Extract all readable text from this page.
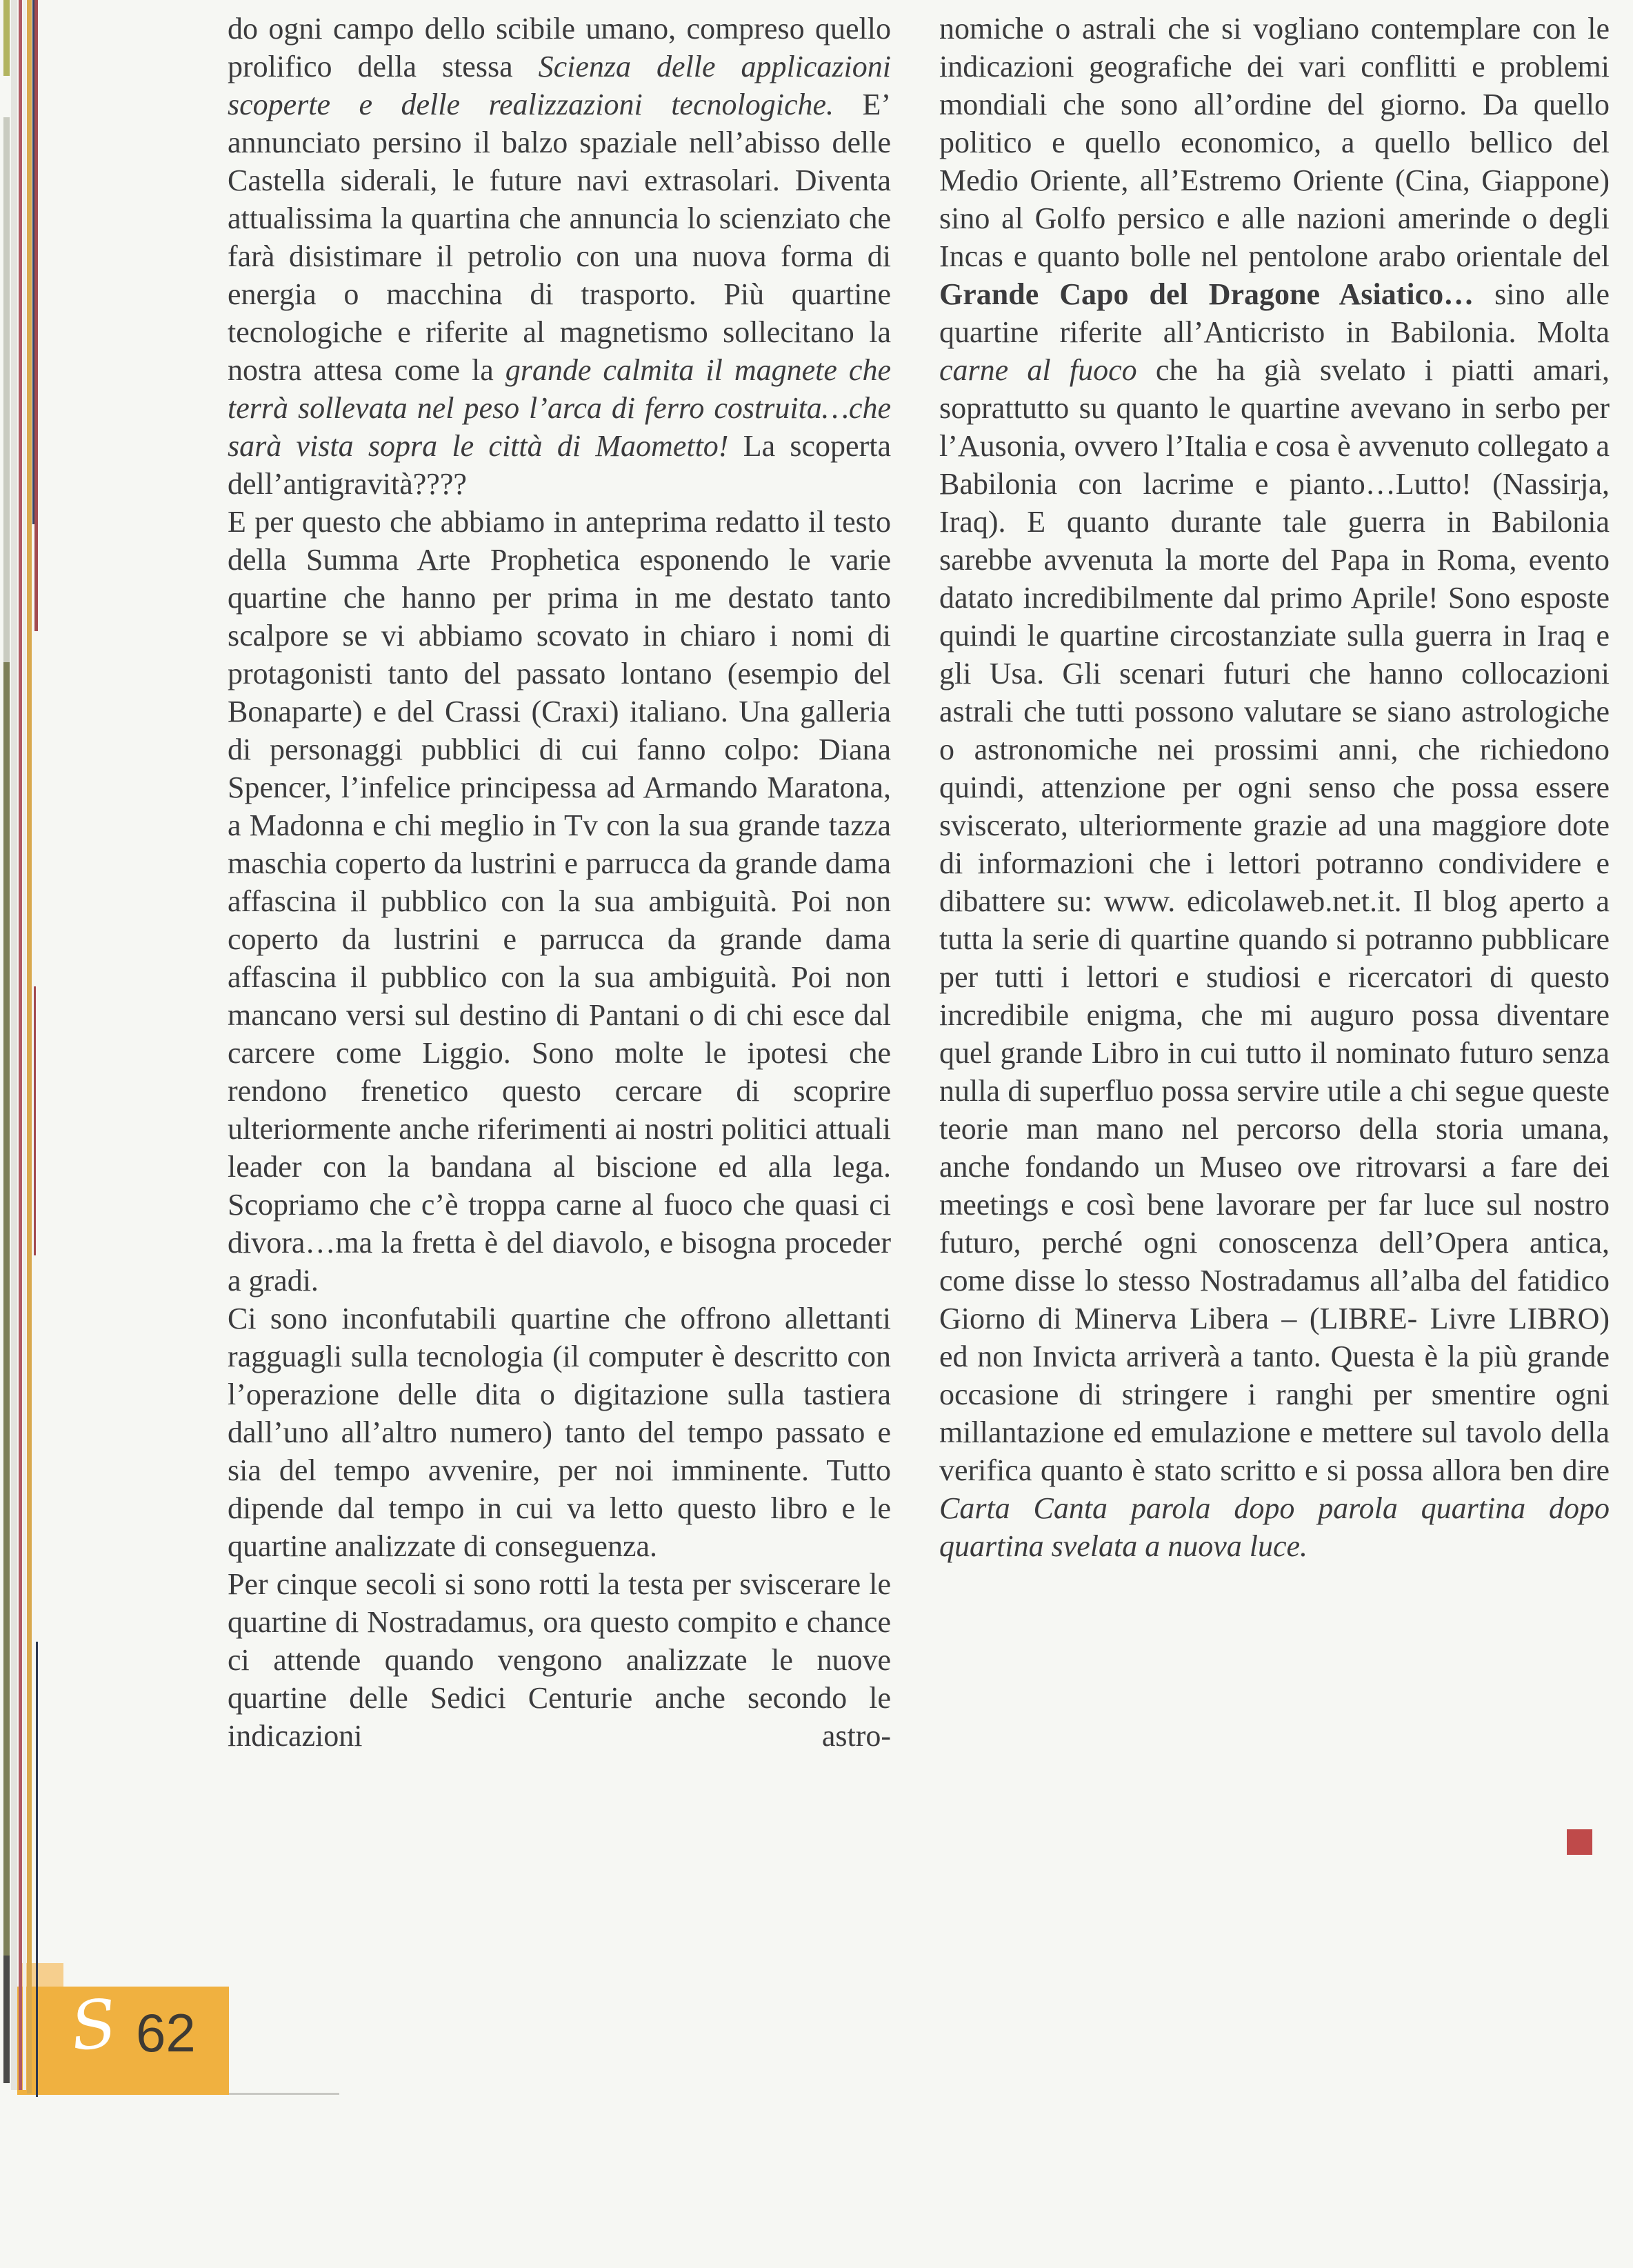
do ogni campo dello scibile umano, compreso quello prolifico della stessa Scienza delle applicazioni scoperte e delle realizzazioni tecnologiche. E’ annunciato persino il balzo spaziale nell’abisso delle Castella siderali, le future navi extrasolari. Diventa attualissima la quartina che annuncia lo scienziato che farà disistimare il petrolio con una nuova forma di energia o macchina di trasporto. Più quartine tecnologiche e riferite al magnetismo sollecitano la nostra attesa come la grande calmita il magnete che terrà sollevata nel peso l’arca di ferro costruita…che sarà vista sopra le città di Maometto! La scoperta dell’antigravità????

E per questo che abbiamo in anteprima redatto il testo della Summa Arte Prophetica esponendo le varie quartine che hanno per prima in me destato tanto scalpore se vi abbiamo scovato in chiaro i nomi di protagonisti tanto del passato lontano (esempio del Bonaparte) e del Crassi (Craxi) italiano. Una galleria di personaggi pubblici di cui fanno colpo: Diana Spencer, l’infelice principessa ad Armando Maratona, a Madonna e chi meglio in Tv con la sua grande tazza maschia coperto da lustrini e parrucca da grande dama affascina il pubblico con la sua ambiguità. Poi non coperto da lustrini e parrucca da grande dama affascina il pubblico con la sua ambiguità. Poi non mancano versi sul destino di Pantani o di chi esce dal carcere come Liggio. Sono molte le ipotesi che rendono frenetico questo cercare di scoprire ulteriormente anche riferimenti ai nostri politici attuali leader con la bandana al biscione ed alla lega. Scopriamo che c’è troppa carne al fuoco che quasi ci divora…ma la fretta è del diavolo, e bisogna proceder a gradi.

Ci sono inconfutabili quartine che offrono allettanti ragguagli sulla tecnologia (il computer è descritto con l’operazione delle dita o digitazione sulla tastiera dall’uno all’altro numero) tanto del tempo passato e sia del tempo avvenire, per noi imminente. Tutto dipende dal tempo in cui va letto questo libro e le quartine analizzate di conseguenza.

Per cinque secoli si sono rotti la testa per sviscerare le quartine di Nostradamus, ora questo compito e chance ci attende quando vengono analizzate le nuove quartine delle Sedici Centurie anche secondo le indicazioni astro-

nomiche o astrali che si vogliano contemplare con le indicazioni geografiche dei vari conflitti e problemi mondiali che sono all’ordine del giorno. Da quello politico e quello economico, a quello bellico del Medio Oriente, all’Estremo Oriente (Cina, Giappone) sino al Golfo persico e alle nazioni amerinde o degli Incas e quanto bolle nel pentolone arabo orientale del Grande Capo del Dragone Asiatico… sino alle quartine riferite all’Anticristo in Babilonia. Molta carne al fuoco che ha già svelato i piatti amari, soprattutto su quanto le quartine avevano in serbo per l’Ausonia, ovvero l’Italia e cosa è avvenuto collegato a Babilonia con lacrime e pianto…Lutto! (Nassirja, Iraq). E quanto durante tale guerra in Babilonia sarebbe avvenuta la morte del Papa in Roma, evento datato incredibilmente dal primo Aprile! Sono esposte quindi le quartine circostanziate sulla guerra in Iraq e gli Usa. Gli scenari futuri che hanno collocazioni astrali che tutti possono valutare se siano astrologiche o astronomiche nei prossimi anni, che richiedono quindi, attenzione per ogni senso che possa essere sviscerato, ulteriormente grazie ad una maggiore dote di informazioni che i lettori potranno condividere e dibattere su: www. edicolaweb.net.it. Il blog aperto a tutta la serie di quartine quando si potranno pubblicare per tutti i lettori e studiosi e ricercatori di questo incredibile enigma, che mi auguro possa diventare quel grande Libro in cui tutto il nominato futuro senza nulla di superfluo possa servire utile a chi segue queste teorie man mano nel percorso della storia umana, anche fondando un Museo ove ritrovarsi a fare dei meetings e così bene lavorare per far luce sul nostro futuro, perché ogni conoscenza dell’Opera antica, come disse lo stesso Nostradamus all’alba del fatidico Giorno di Minerva Libera – (LIBRE- Livre LIBRO) ed non Invicta arriverà a tanto. Questa è la più grande occasione di stringere i ranghi per smentire ogni millantazione ed emulazione e mettere sul tavolo della verifica quanto è stato scritto e si possa allora ben dire Carta Canta parola dopo parola quartina dopo quartina svelata a nuova luce.

S 62
